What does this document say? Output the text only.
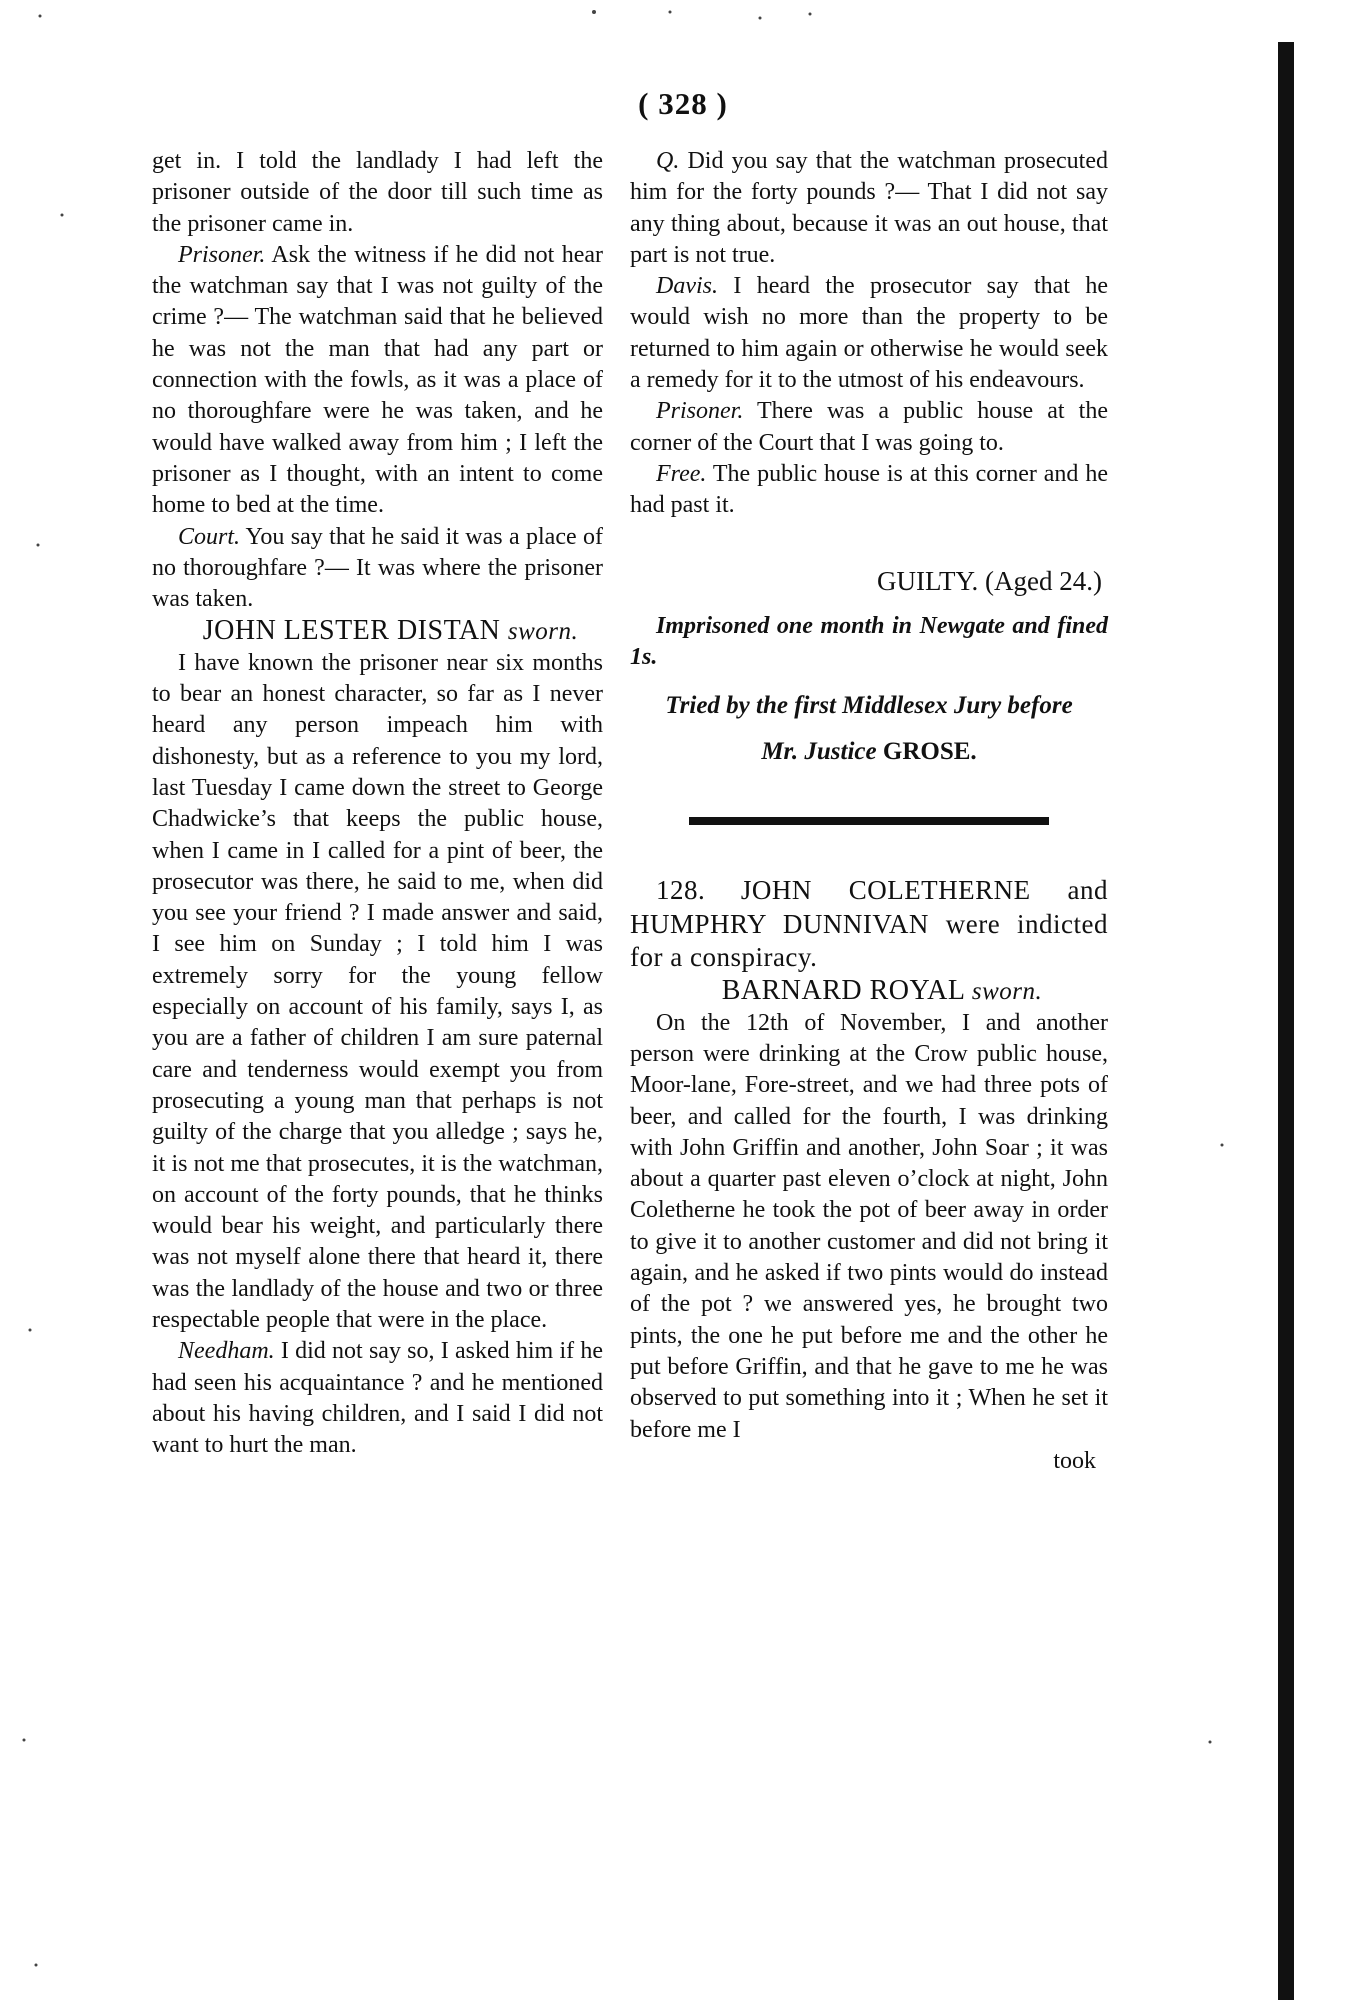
( 328 )

get in. I told the landlady I had left the prisoner outside of the door till such time as the prisoner came in.

Prisoner. Ask the witness if he did not hear the watchman say that I was not guilty of the crime ?— The watchman said that he believed he was not the man that had any part or connection with the fowls, as it was a place of no thoroughfare were he was taken, and he would have walked away from him ; I left the prisoner as I thought, with an intent to come home to bed at the time.

Court. You say that he said it was a place of no thoroughfare ?— It was where the prisoner was taken.

JOHN LESTER DISTAN sworn.

I have known the prisoner near six months to bear an honest character, so far as I never heard any person impeach him with dishonesty, but as a reference to you my lord, last Tuesday I came down the street to George Chadwicke’s that keeps the public house, when I came in I called for a pint of beer, the prosecutor was there, he said to me, when did you see your friend ? I made answer and said, I see him on Sunday ; I told him I was extremely sorry for the young fellow especially on account of his family, says I, as you are a father of children I am sure paternal care and tenderness would exempt you from prosecuting a young man that perhaps is not guilty of the charge that you alledge ; says he, it is not me that prosecutes, it is the watchman, on account of the forty pounds, that he thinks would bear his weight, and particularly there was not myself alone there that heard it, there was the landlady of the house and two or three respectable people that were in the place.

Needham. I did not say so, I asked him if he had seen his acquaintance ? and he mentioned about his having children, and I said I did not want to hurt the man.

Q. Did you say that the watchman prosecuted him for the forty pounds ?— That I did not say any thing about, because it was an out house, that part is not true.

Davis. I heard the prosecutor say that he would wish no more than the property to be returned to him again or otherwise he would seek a remedy for it to the utmost of his endeavours.

Prisoner. There was a public house at the corner of the Court that I was going to.

Free. The public house is at this corner and he had past it.

GUILTY. (Aged 24.)

Imprisoned one month in Newgate and fined 1s.

Tried by the first Middlesex Jury before
Mr. Justice GROSE.

128. JOHN COLETHERNE and HUMPHRY DUNNIVAN were indicted for a conspiracy.

BARNARD ROYAL sworn.

On the 12th of November, I and another person were drinking at the Crow public house, Moor-lane, Fore-street, and we had three pots of beer, and called for the fourth, I was drinking with John Griffin and another, John Soar ; it was about a quarter past eleven o’clock at night, John Coletherne he took the pot of beer away in order to give it to another customer and did not bring it again, and he asked if two pints would do instead of the pot ? we answered yes, he brought two pints, the one he put before me and the other he put before Griffin, and that he gave to me he was observed to put something into it ; When he set it before me I

took
